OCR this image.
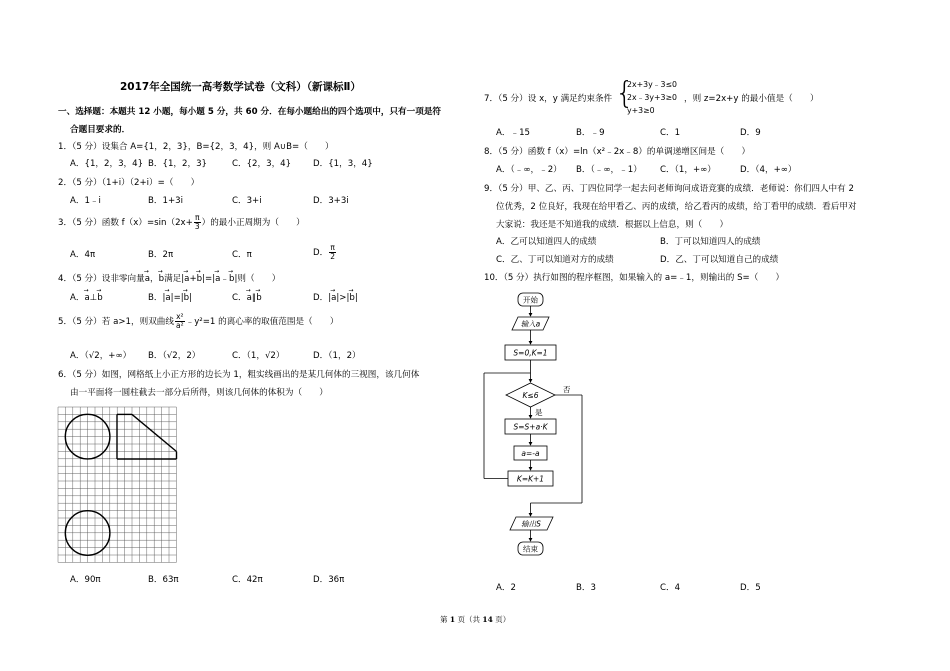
2017年全国统一高考数学试卷（文科）（新课标Ⅱ）
一、选择题：本题共 12 小题，每小题 5 分，共 60 分．在每小题给出的四个选项中，只有一项是符
合题目要求的．
1．（5 分）设集合 A={1，2，3}，B={2，3，4}，则 A∪B=（　　）
A．{1，2，3，4} B．{1，2，3}	C．{2，3，4}	D．{1，3，4}
2．（5 分）（1+i）（2+i）=（　　）
A．1﹣i	B．1+3i	C．3+i	D．3+3i
3．（5 分）函数 $f(x)=\sin(2x+ \frac{\pi}{3}$ ）的最小正周期为（　　）
A．4π	B．2π	C．π	D． $\frac{\pi}{2}$
4．（5 分）设非零向量→ a，→ b满足|→ a+→ b|=|→ a﹣→ b|则（　　）
A．→ a⊥→ b	B．|→ a|=|→ b|	C．→ a∥→ b	D．|→ a|>|→ b|
5．（5 分）若 a>1，则双曲线 $\frac{\text{x²}}{\text{a²}}$ ﹣y²=1 的离心率的取值范围是（　　）
A．（√2，+∞） B．（√2，2）	C．（1，√2）	D．（1，2）
6．（5 分）如图，网格纸上小正方形的边长为 1，粗实线画出的是某几何体的三视图，该几何体
由一平面将一圆柱截去一部分后所得，则该几何体的体积为（　　）
A．90π	B．63π	C．42π	D．36π
7．（5 分）设 x，y 满足约束条件 {
2x+3y﹣3≤0
2x﹣3y+3≥0
y+3≥0
，则 z=2x+y 的最小值是（　　）
A．﹣15	B．﹣9	C．1	D．9
8．（5 分）函数 f（x）=ln（x²﹣2x﹣8）的单调递增区间是（　　）
A．（﹣∞，﹣2） B．（﹣∞，﹣1） C．（1，+∞）	D．（4，+∞）
9．（5 分）甲、乙、丙、丁四位同学一起去问老师询问成语竞赛的成绩．老师说：你们四人中有 2
位优秀，2 位良好，我现在给甲看乙、丙的成绩，给乙看丙的成绩，给丁看甲的成绩．看后甲对
大家说：我还是不知道我的成绩．根据以上信息，则（　　）
A．乙可以知道四人的成绩	B．丁可以知道四人的成绩
C．乙、丁可以知道对方的成绩	D．乙、丁可以知道自己的成绩
10．（5 分）执行如图的程序框图，如果输入的 a=﹣1，则输出的 S=（　　）
开始
输入a
S=0,K=1
K≤6
否
是
S=S+a·K
a=-a
K=K+1
输出S
结束
A．2	B．3	C．4	D．5
第 1 页（共 14 页）
